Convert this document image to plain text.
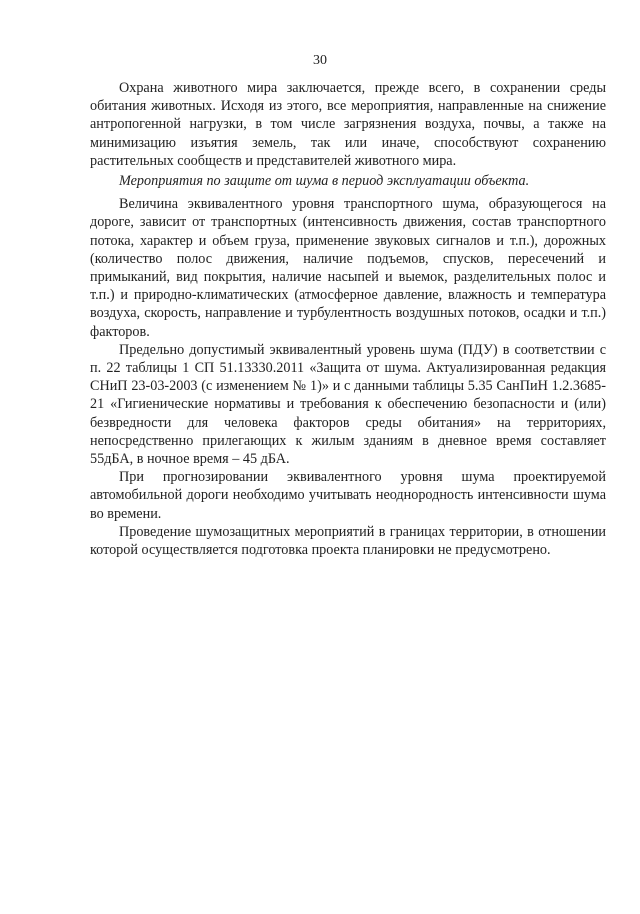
30

Охрана животного мира заключается, прежде всего, в сохранении среды обитания животных. Исходя из этого, все мероприятия, направленные на снижение антропогенной нагрузки, в том числе загрязнения воздуха, почвы, а также на минимизацию изъятия земель, так или иначе, способствуют сохранению растительных сообществ и представителей животного мира.

Мероприятия по защите от шума в период эксплуатации объекта.

Величина эквивалентного уровня транспортного шума, образующегося на дороге, зависит от транспортных (интенсивность движения, состав транспортного потока, характер и объем груза, применение звуковых сигналов и т.п.), дорожных (количество полос движения, наличие подъемов, спусков, пересечений и примыканий, вид покрытия, наличие насыпей и выемок, разделительных полос и т.п.) и природно-климатических (атмосферное давление, влажность и температура воздуха, скорость, направление и турбулентность воздушных потоков, осадки и т.п.) факторов.

Предельно допустимый эквивалентный уровень шума (ПДУ) в соответствии с п. 22 таблицы 1 СП 51.13330.2011 «Защита от шума. Актуализированная редакция СНиП 23-03-2003 (с изменением № 1)» и с данными таблицы 5.35 СанПиН 1.2.3685-21 «Гигиенические нормативы и требования к обеспечению безопасности и (или) безвредности для человека факторов среды обитания» на территориях, непосредственно прилегающих к жилым зданиям в дневное время составляет 55дБА, в ночное время – 45 дБА.

При прогнозировании эквивалентного уровня шума проектируемой автомобильной дороги необходимо учитывать неоднородность интенсивности шума во времени.

Проведение шумозащитных мероприятий в границах территории, в отношении которой осуществляется подготовка проекта планировки не предусмотрено.
